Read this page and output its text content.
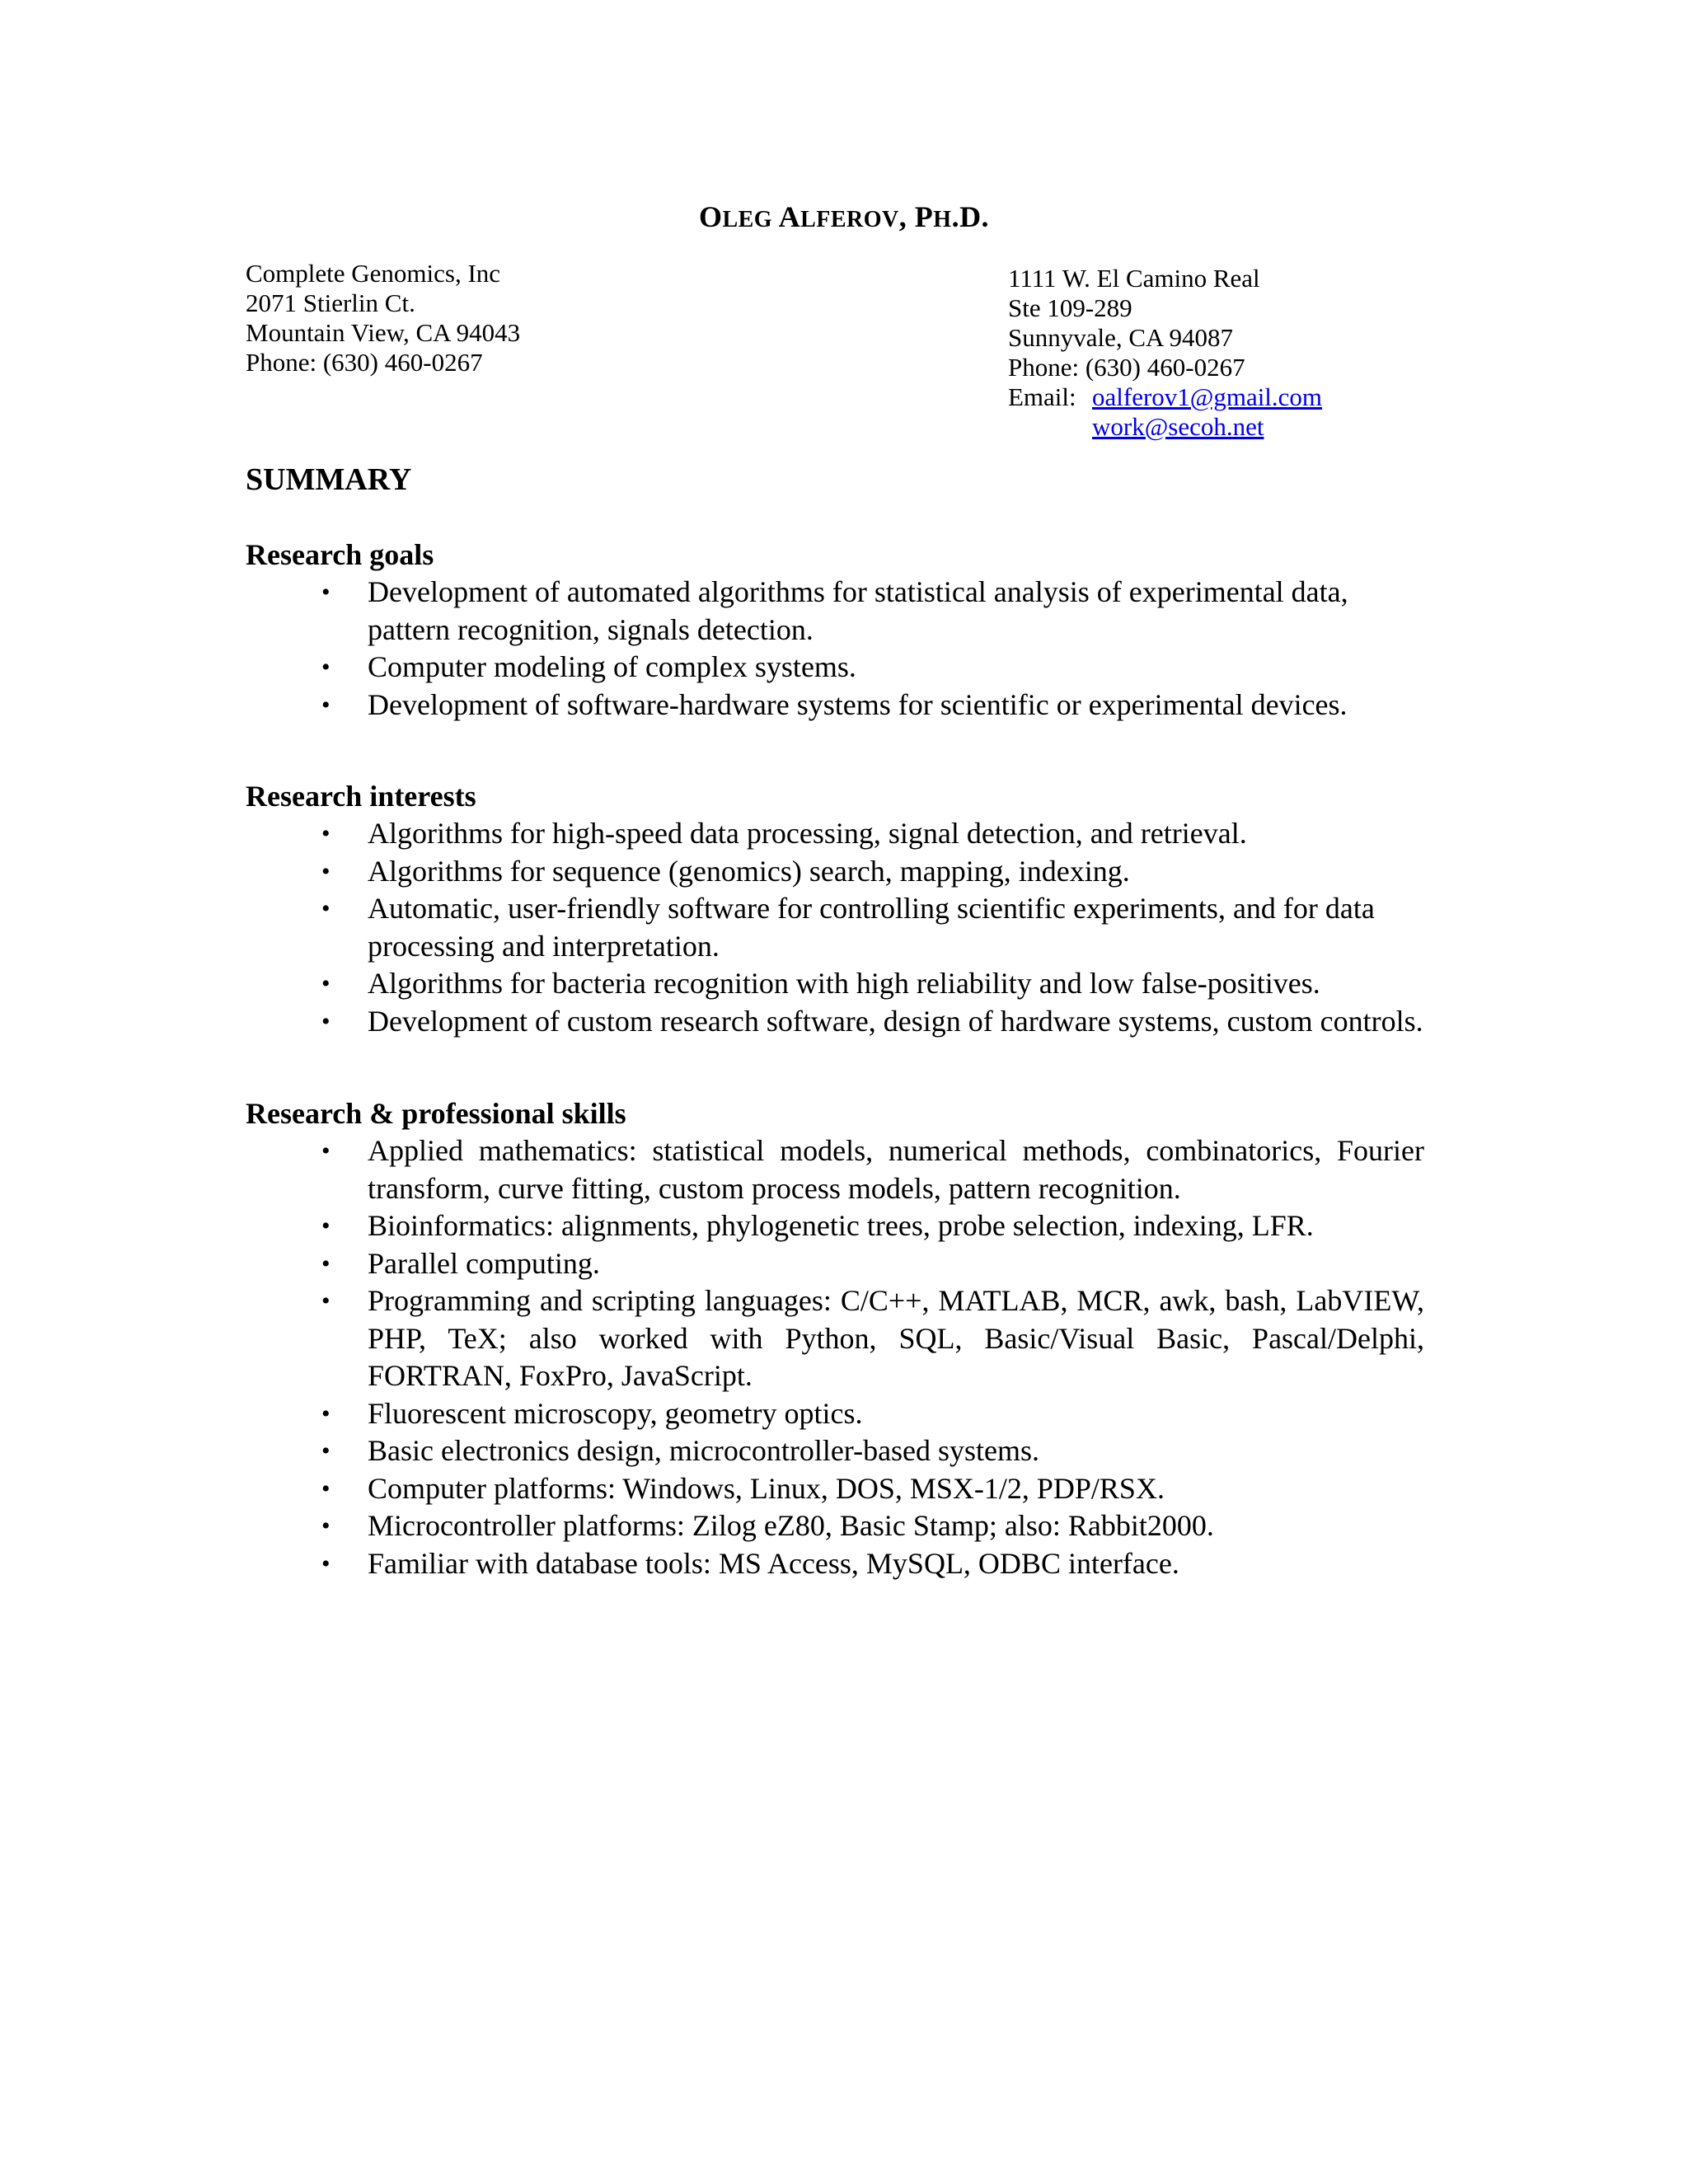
OLEG ALFEROV, PH.D.
Complete Genomics, Inc
2071 Stierlin Ct.
Mountain View, CA 94043
Phone: (630) 460-0267
1111 W. El Camino Real
Ste 109-289
Sunnyvale, CA 94087
Phone: (630) 460-0267
Email: oalferov1@gmail.com
work@secoh.net
SUMMARY
Research goals
• Development of automated algorithms for statistical analysis of experimental data, pattern recognition, signals detection.
• Computer modeling of complex systems.
• Development of software-hardware systems for scientific or experimental devices.
Research interests
• Algorithms for high-speed data processing, signal detection, and retrieval.
• Algorithms for sequence (genomics) search, mapping, indexing.
• Automatic, user-friendly software for controlling scientific experiments, and for data processing and interpretation.
• Algorithms for bacteria recognition with high reliability and low false-positives.
• Development of custom research software, design of hardware systems, custom controls.
Research & professional skills
• Applied mathematics: statistical models, numerical methods, combinatorics, Fourier transform, curve fitting, custom process models, pattern recognition.
• Bioinformatics: alignments, phylogenetic trees, probe selection, indexing, LFR.
• Parallel computing.
• Programming and scripting languages: C/C++, MATLAB, MCR, awk, bash, LabVIEW, PHP, TeX; also worked with Python, SQL, Basic/Visual Basic, Pascal/Delphi, FORTRAN, FoxPro, JavaScript.
• Fluorescent microscopy, geometry optics.
• Basic electronics design, microcontroller-based systems.
• Computer platforms: Windows, Linux, DOS, MSX-1/2, PDP/RSX.
• Microcontroller platforms: Zilog eZ80, Basic Stamp; also: Rabbit2000.
• Familiar with database tools: MS Access, MySQL, ODBC interface.
